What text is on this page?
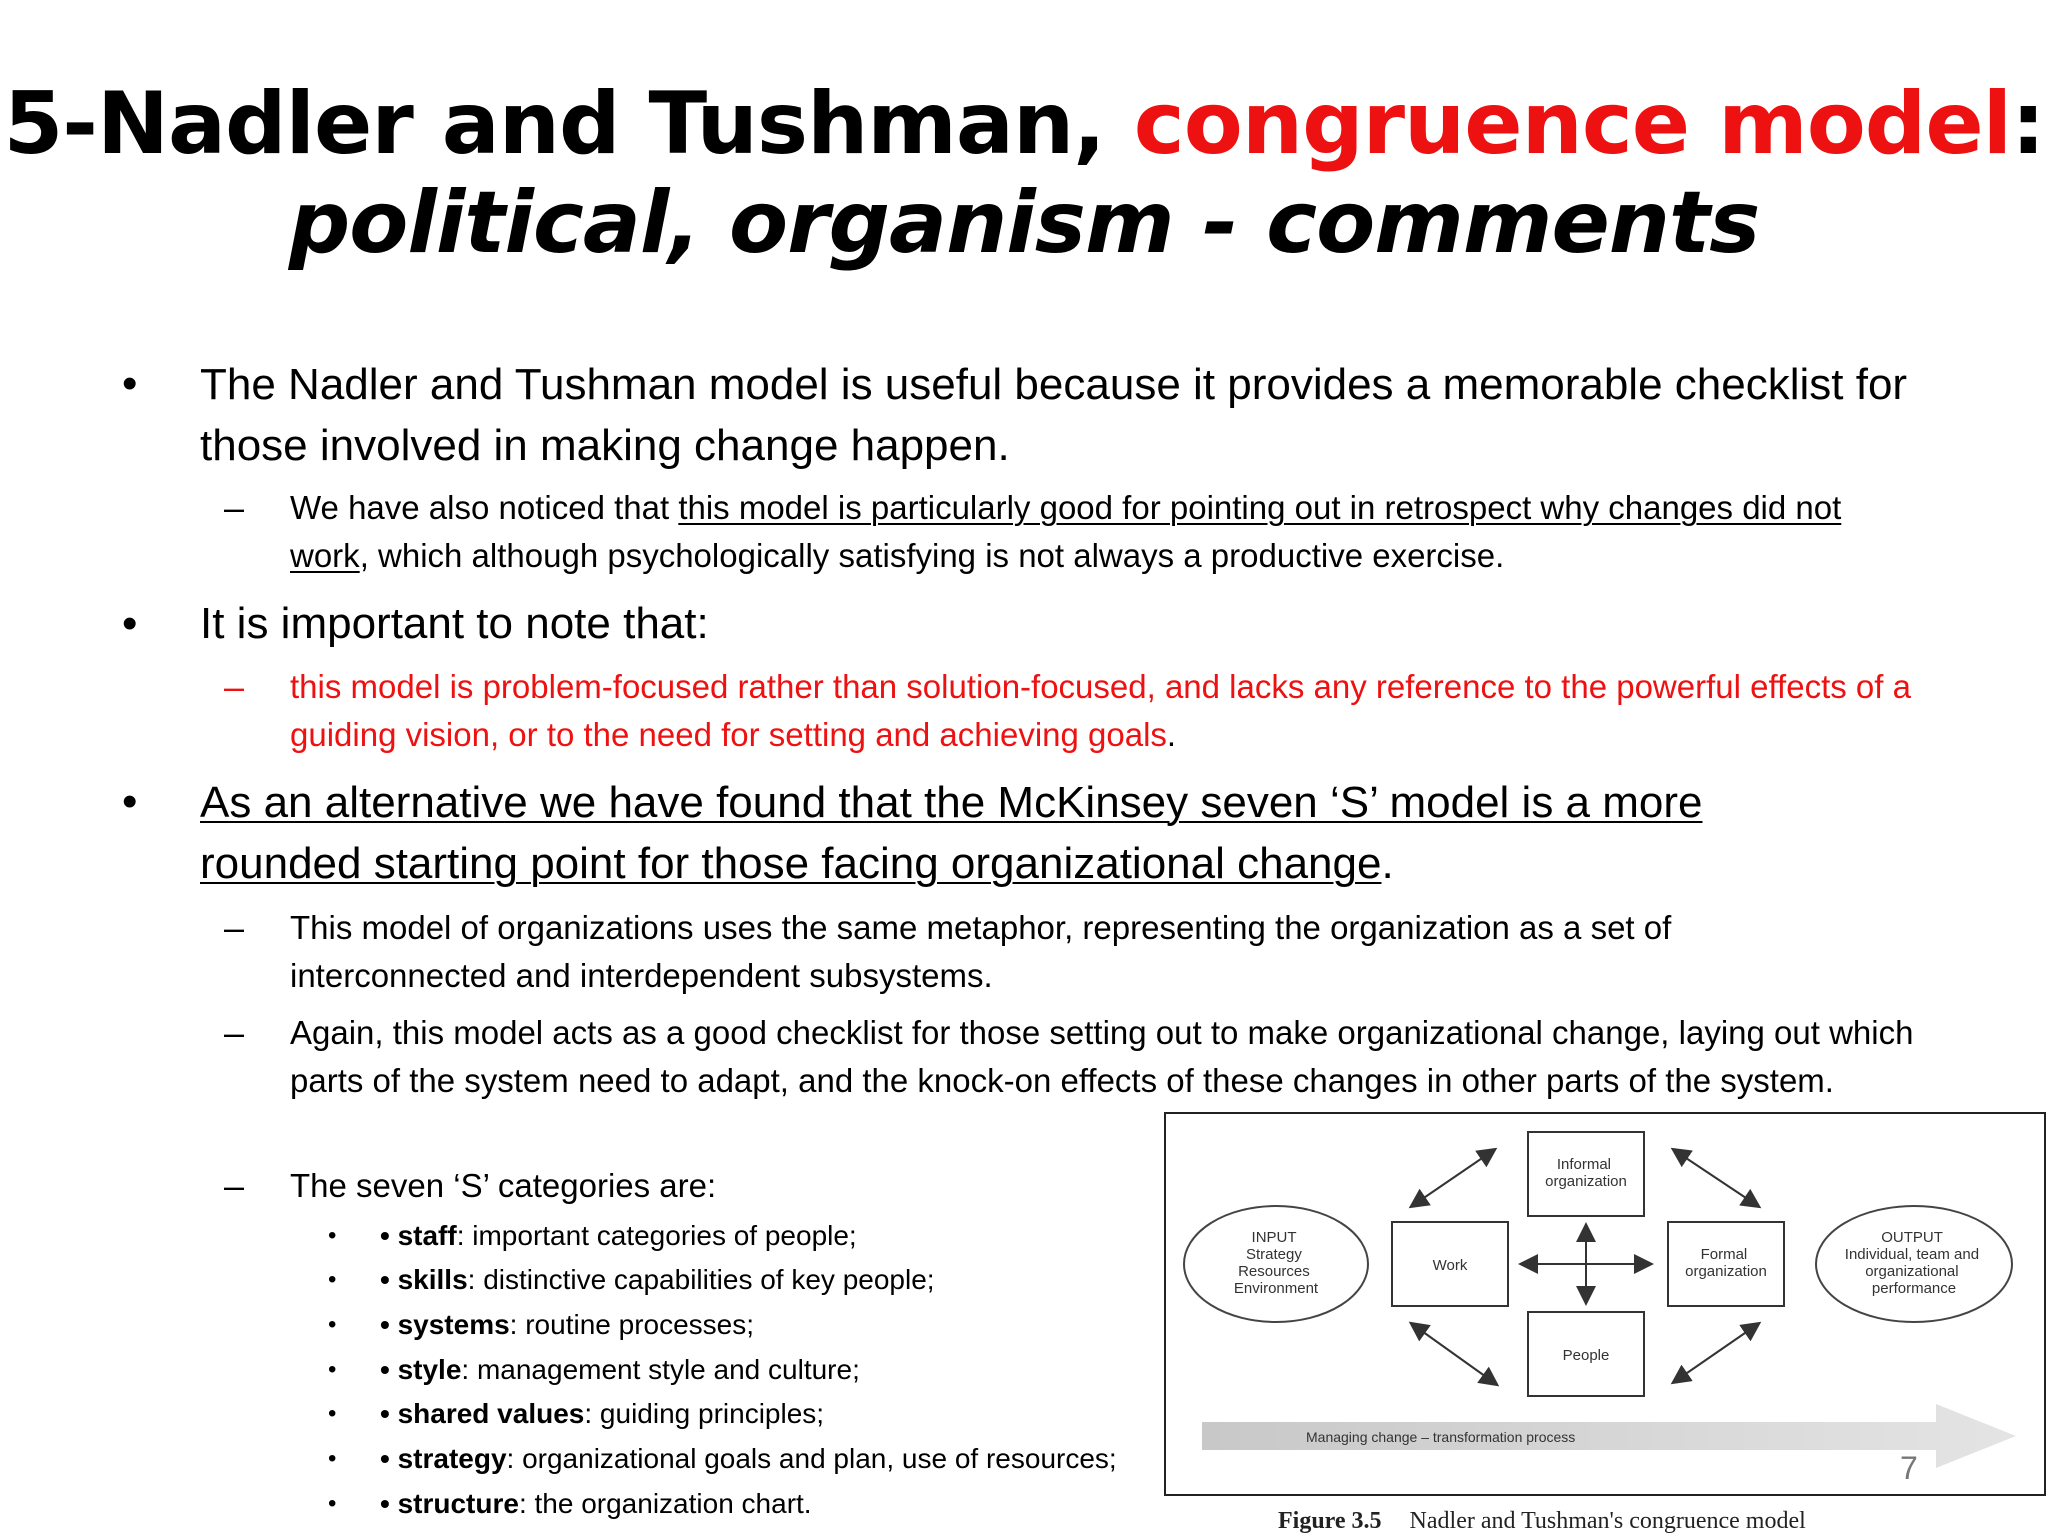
5-Nadler and Tushman, congruence model:
political, organism - comments
• The Nadler and Tushman model is useful because it provides a memorable checklist for those involved in making change happen.
– We have also noticed that this model is particularly good for pointing out in retrospect why changes did not work, which although psychologically satisfying is not always a productive exercise.
• It is important to note that:
– this model is problem-focused rather than solution-focused, and lacks any reference to the powerful effects of a guiding vision, or to the need for setting and achieving goals.
• As an alternative we have found that the McKinsey seven ‘S’ model is a more rounded starting point for those facing organizational change.
– This model of organizations uses the same metaphor, representing the organization as a set of interconnected and interdependent subsystems.
– Again, this model acts as a good checklist for those setting out to make organizational change, laying out which parts of the system need to adapt, and the knock-on effects of these changes in other parts of the system.
– The seven ‘S’ categories are:
• • staff: important categories of people;
• • skills: distinctive capabilities of key people;
• • systems: routine processes;
• • style: management style and culture;
• • shared values: guiding principles;
• • strategy: organizational goals and plan, use of resources;
• • structure: the organization chart.
INPUT Strategy Resources Environment
Work
Informal organization
Formal organization
People
OUTPUT Individual, team and organizational performance
Managing change – transformation process
7
Figure 3.5 Nadler and Tushman's congruence model
